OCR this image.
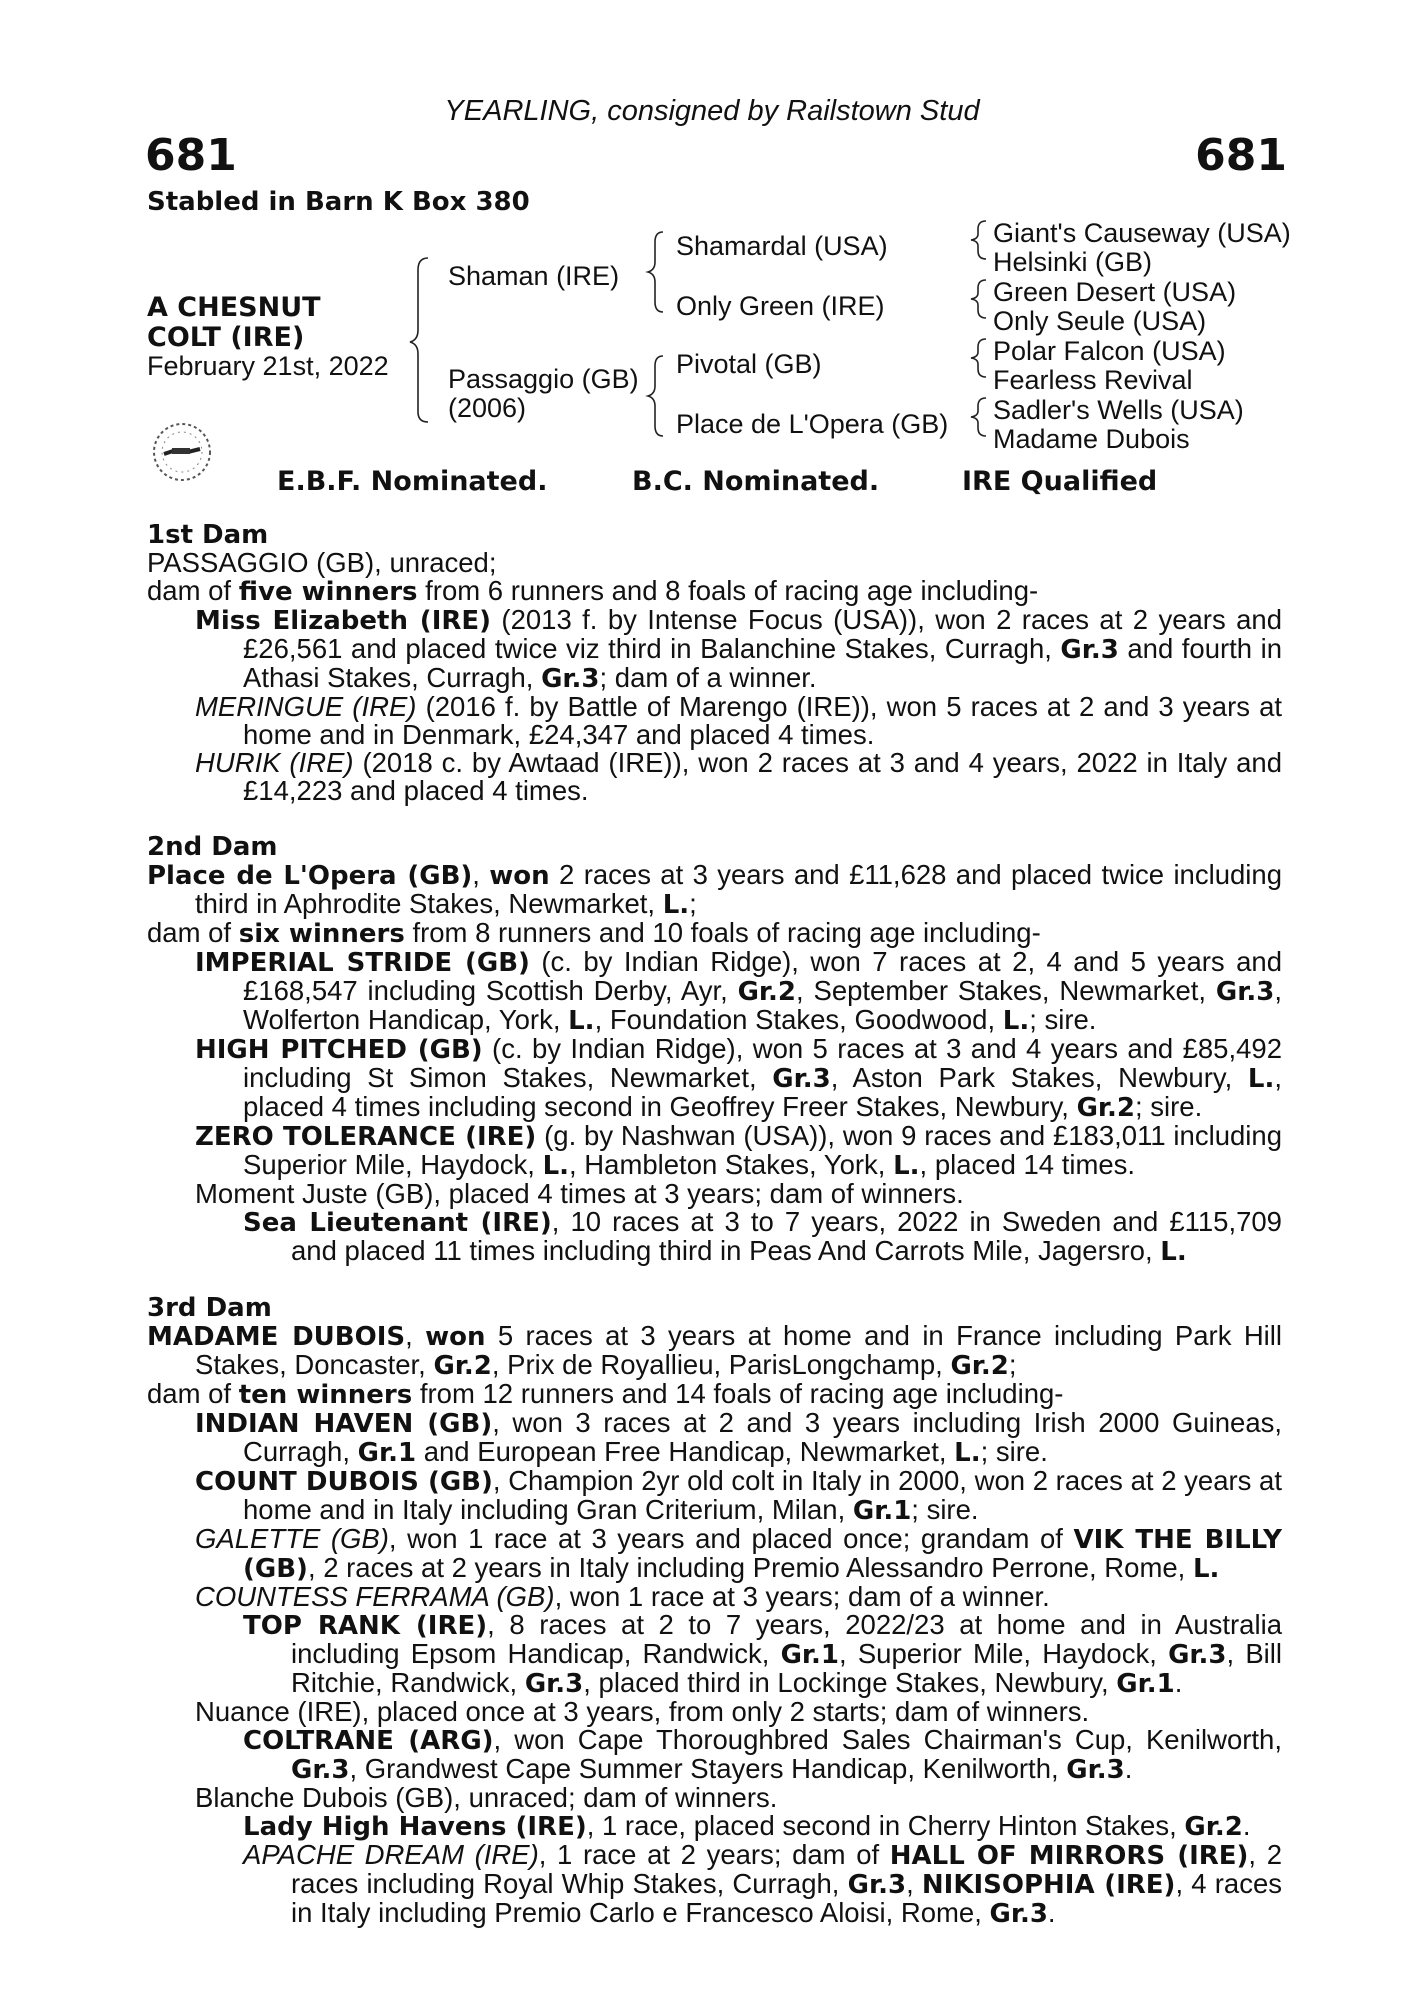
YEARLING, consigned by Railstown Stud
681	681
Stabled in Barn K Box 380
A CHESNUT
COLT (IRE)
February 21st, 2022
Shaman (IRE)
Passaggio (GB)
(2006)
Shamardal (USA)
Only Green (IRE)
Pivotal (GB)
Place de L'Opera (GB)
Giant's Causeway (USA)
Helsinki (GB)
Green Desert (USA)
Only Seule (USA)
Polar Falcon (USA)
Fearless Revival
Sadler's Wells (USA)
Madame Dubois
E.B.F. Nominated.	B.C. Nominated.	IRE Qualified
1st Dam

PASSAGGIO (GB), unraced;

dam of five winners from 6 runners and 8 foals of racing age including-

Miss Elizabeth (IRE) (2013 f. by Intense Focus (USA)), won 2 races at 2 years and £26,561 and placed twice viz third in Balanchine Stakes, Curragh, Gr.3 and fourth in Athasi Stakes, Curragh, Gr.3; dam of a winner.

MERINGUE (IRE) (2016 f. by Battle of Marengo (IRE)), won 5 races at 2 and 3 years at home and in Denmark, £24,347 and placed 4 times.

HURIK (IRE) (2018 c. by Awtaad (IRE)), won 2 races at 3 and 4 years, 2022 in Italy and £14,223 and placed 4 times.

2nd Dam

Place de L'Opera (GB), won 2 races at 3 years and £11,628 and placed twice including third in Aphrodite Stakes, Newmarket, L.;

dam of six winners from 8 runners and 10 foals of racing age including-

IMPERIAL STRIDE (GB) (c. by Indian Ridge), won 7 races at 2, 4 and 5 years and £168,547 including Scottish Derby, Ayr, Gr.2, September Stakes, Newmarket, Gr.3, Wolferton Handicap, York, L., Foundation Stakes, Goodwood, L.; sire.

HIGH PITCHED (GB) (c. by Indian Ridge), won 5 races at 3 and 4 years and £85,492 including St Simon Stakes, Newmarket, Gr.3, Aston Park Stakes, Newbury, L., placed 4 times including second in Geoffrey Freer Stakes, Newbury, Gr.2; sire.

ZERO TOLERANCE (IRE) (g. by Nashwan (USA)), won 9 races and £183,011 including Superior Mile, Haydock, L., Hambleton Stakes, York, L., placed 14 times.

Moment Juste (GB), placed 4 times at 3 years; dam of winners.

Sea Lieutenant (IRE), 10 races at 3 to 7 years, 2022 in Sweden and £115,709 and placed 11 times including third in Peas And Carrots Mile, Jagersro, L.

3rd Dam

MADAME DUBOIS, won 5 races at 3 years at home and in France including Park Hill Stakes, Doncaster, Gr.2, Prix de Royallieu, ParisLongchamp, Gr.2;

dam of ten winners from 12 runners and 14 foals of racing age including-

INDIAN HAVEN (GB), won 3 races at 2 and 3 years including Irish 2000 Guineas, Curragh, Gr.1 and European Free Handicap, Newmarket, L.; sire.

COUNT DUBOIS (GB), Champion 2yr old colt in Italy in 2000, won 2 races at 2 years at home and in Italy including Gran Criterium, Milan, Gr.1; sire.

GALETTE (GB), won 1 race at 3 years and placed once; grandam of VIK THE BILLY (GB), 2 races at 2 years in Italy including Premio Alessandro Perrone, Rome, L.

COUNTESS FERRAMA (GB), won 1 race at 3 years; dam of a winner.

TOP RANK (IRE), 8 races at 2 to 7 years, 2022/23 at home and in Australia including Epsom Handicap, Randwick, Gr.1, Superior Mile, Haydock, Gr.3, Bill Ritchie, Randwick, Gr.3, placed third in Lockinge Stakes, Newbury, Gr.1.

Nuance (IRE), placed once at 3 years, from only 2 starts; dam of winners.

COLTRANE (ARG), won Cape Thoroughbred Sales Chairman's Cup, Kenilworth, Gr.3, Grandwest Cape Summer Stayers Handicap, Kenilworth, Gr.3.

Blanche Dubois (GB), unraced; dam of winners.

Lady High Havens (IRE), 1 race, placed second in Cherry Hinton Stakes, Gr.2.

APACHE DREAM (IRE), 1 race at 2 years; dam of HALL OF MIRRORS (IRE), 2 races including Royal Whip Stakes, Curragh, Gr.3, NIKISOPHIA (IRE), 4 races in Italy including Premio Carlo e Francesco Aloisi, Rome, Gr.3.
